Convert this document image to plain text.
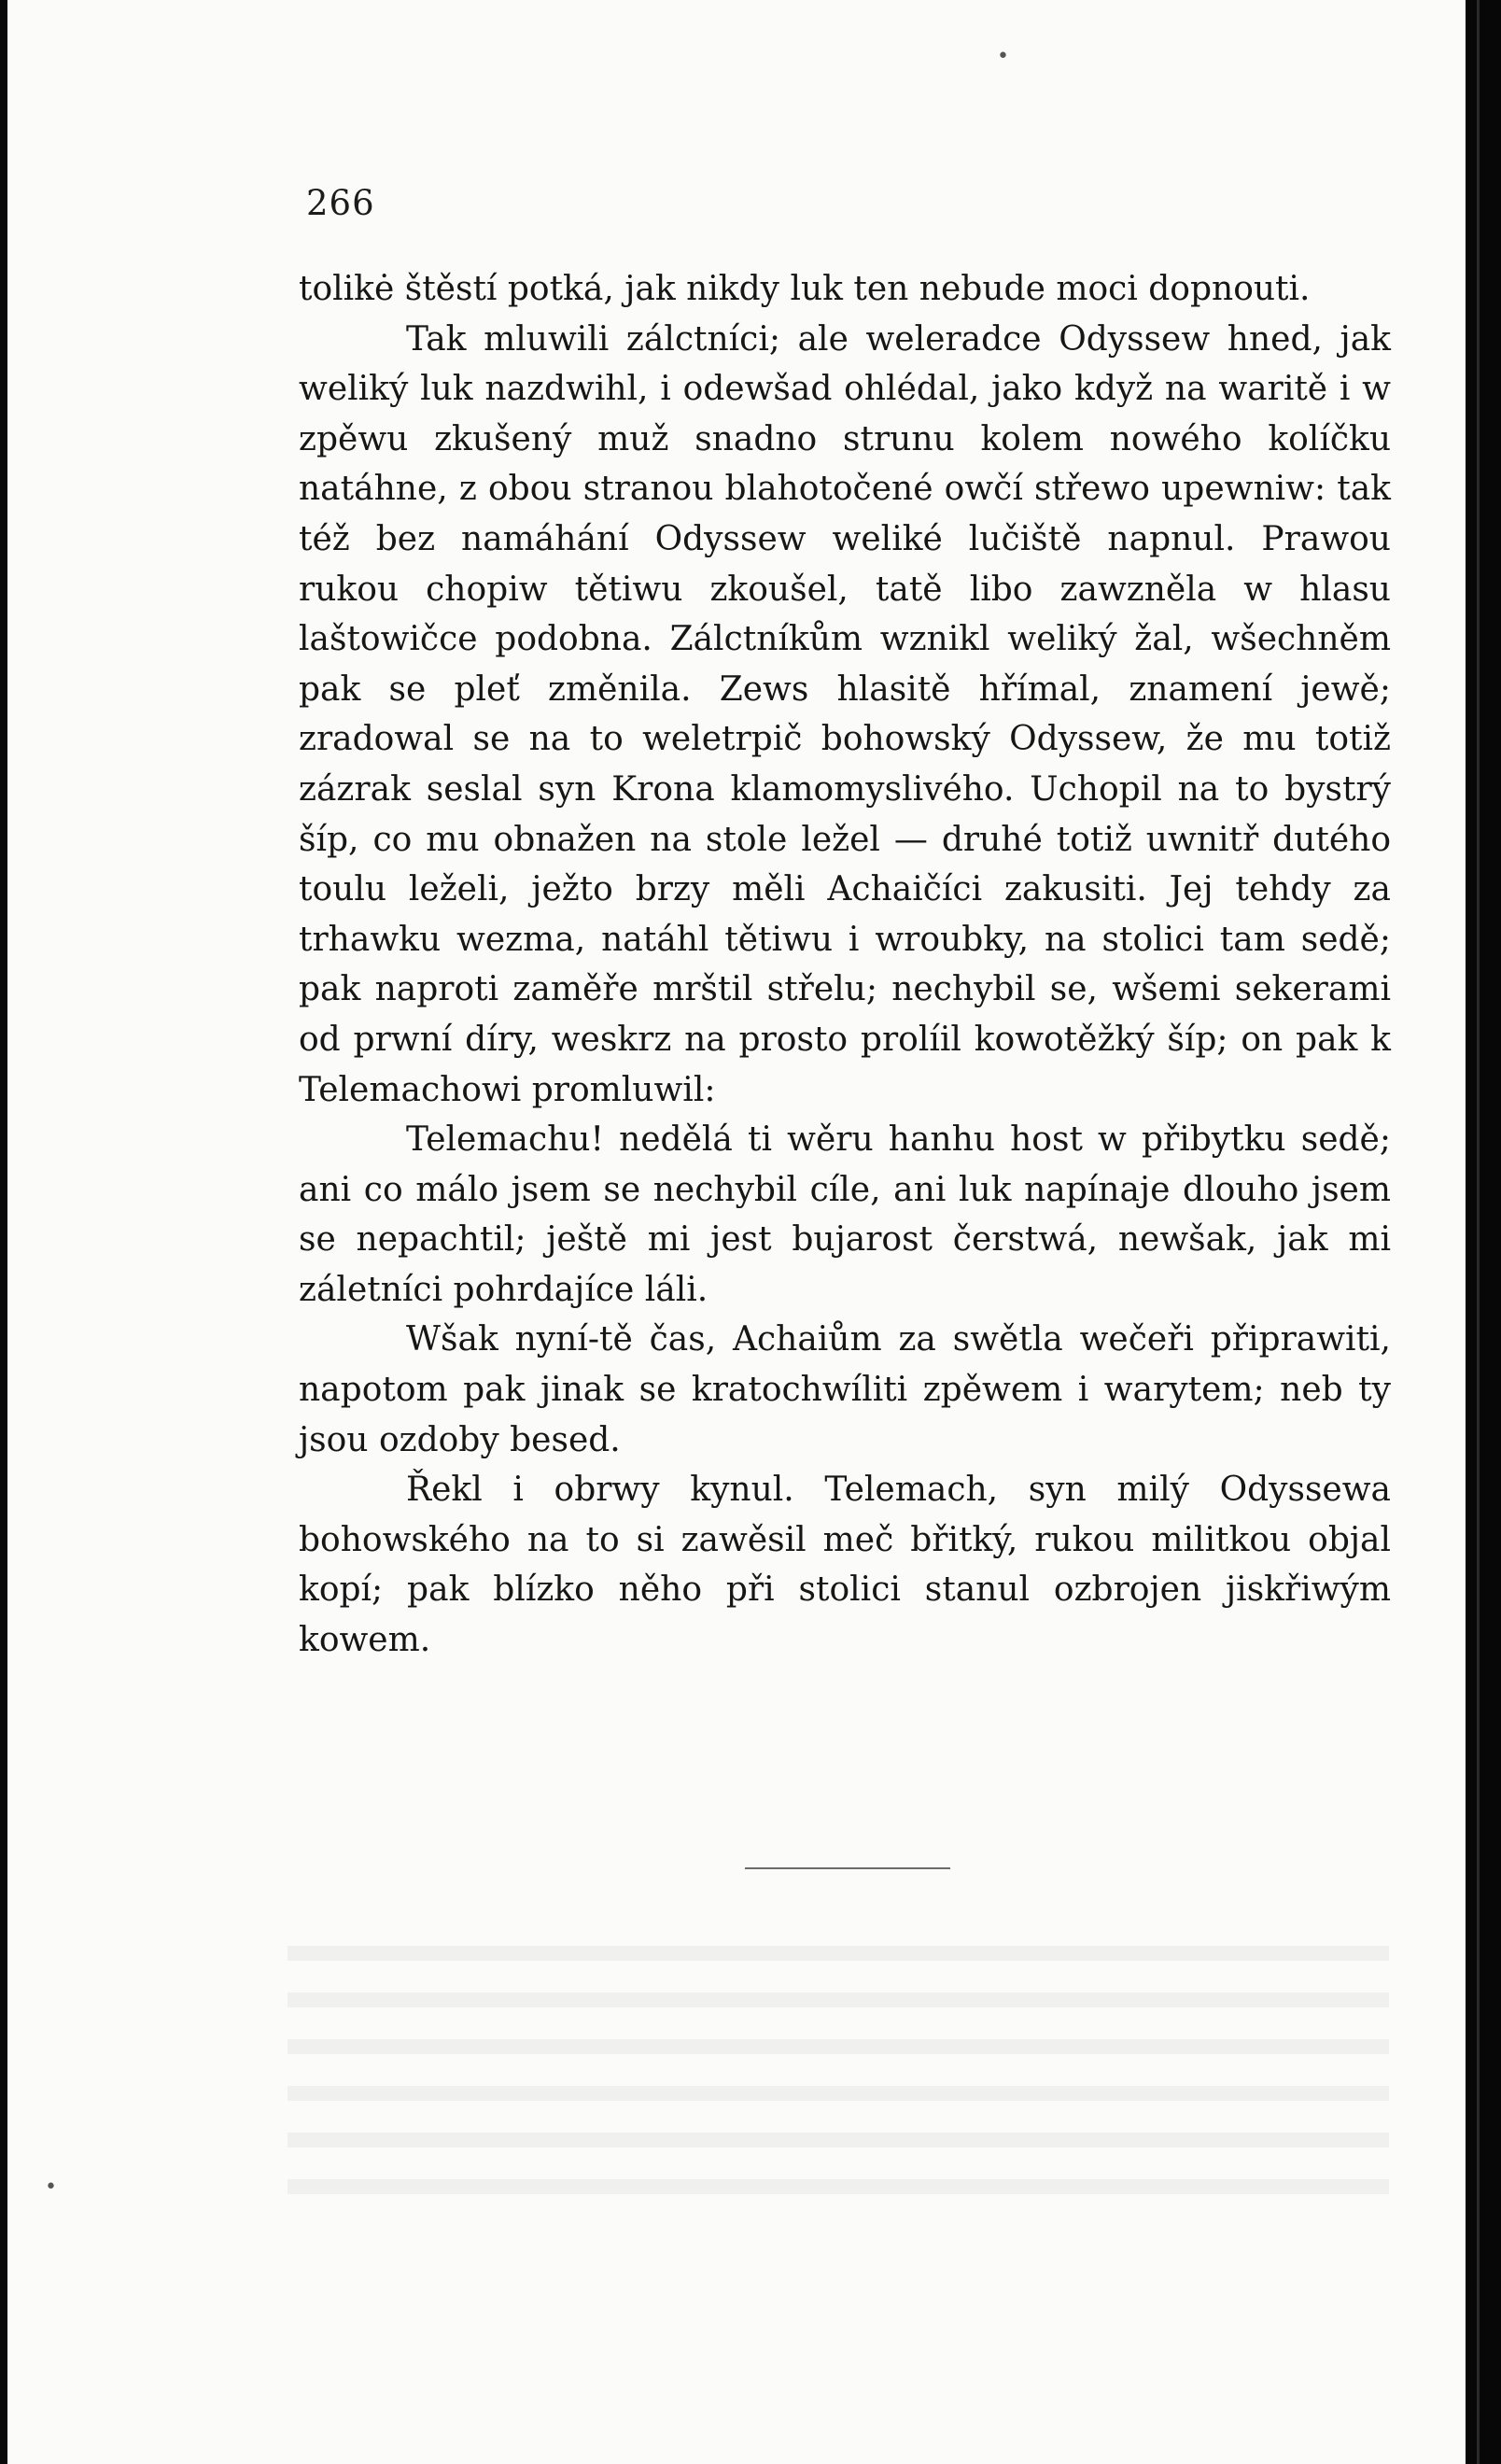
266

tolikė štěstí potká, jak nikdy luk ten nebude moci dopnouti.

Tak mluwili zálctníci; ale weleradce Odyssew hned, jak weliký luk nazdwihl, i odewšad ohlédal, jako když na waritě i w zpěwu zkušený muž snadno strunu kolem nowého kolíčku natáhne, z obou stranou blahotočené owčí střewo upewniw: tak též bez namáhání Odyssew weliké lučiště napnul. Prawou rukou chopiw tětiwu zkoušel, tatě libo zawzněla w hlasu laštowičce podobna. Zálctníkům wznikl weliký žal, wšechněm pak se pleť změnila. Zews hlasitě hřímal, znamení jewě; zradowal se na to weletrpič bohowský Odyssew, že mu totiž zázrak seslal syn Krona klamomyslivého. Uchopil na to bystrý šíp, co mu obnažen na stole ležel — druhé totiž uwnitř dutého toulu leželi, ježto brzy měli Achaičíci zakusiti. Jej tehdy za trhawku wezma, natáhl tětiwu i wroubky, na stolici tam sedě; pak naproti zaměře mrštil střelu; nechybil se, wšemi sekerami od prwní díry, weskrz na prosto prolíil kowotěžký šíp; on pak k Telemachowi promluwil:

Telemachu! nedělá ti wěru hanhu host w přibytku sedě; ani co málo jsem se nechybil cíle, ani luk napínaje dlouho jsem se nepachtil; ještě mi jest bujarost čerstwá, newšak, jak mi záletníci pohrdajíce láli.

Wšak nyní-tě čas, Achaiům za swětla wečeři připrawiti, napotom pak jinak se kratochwíliti zpěwem i warytem; neb ty jsou ozdoby besed.

Řekl i obrwy kynul. Telemach, syn milý Odyssewa bohowského na to si zawěsil meč břitký, rukou militkou objal kopí; pak blízko něho při stolici stanul ozbrojen jiskřiwým kowem.

•
•
